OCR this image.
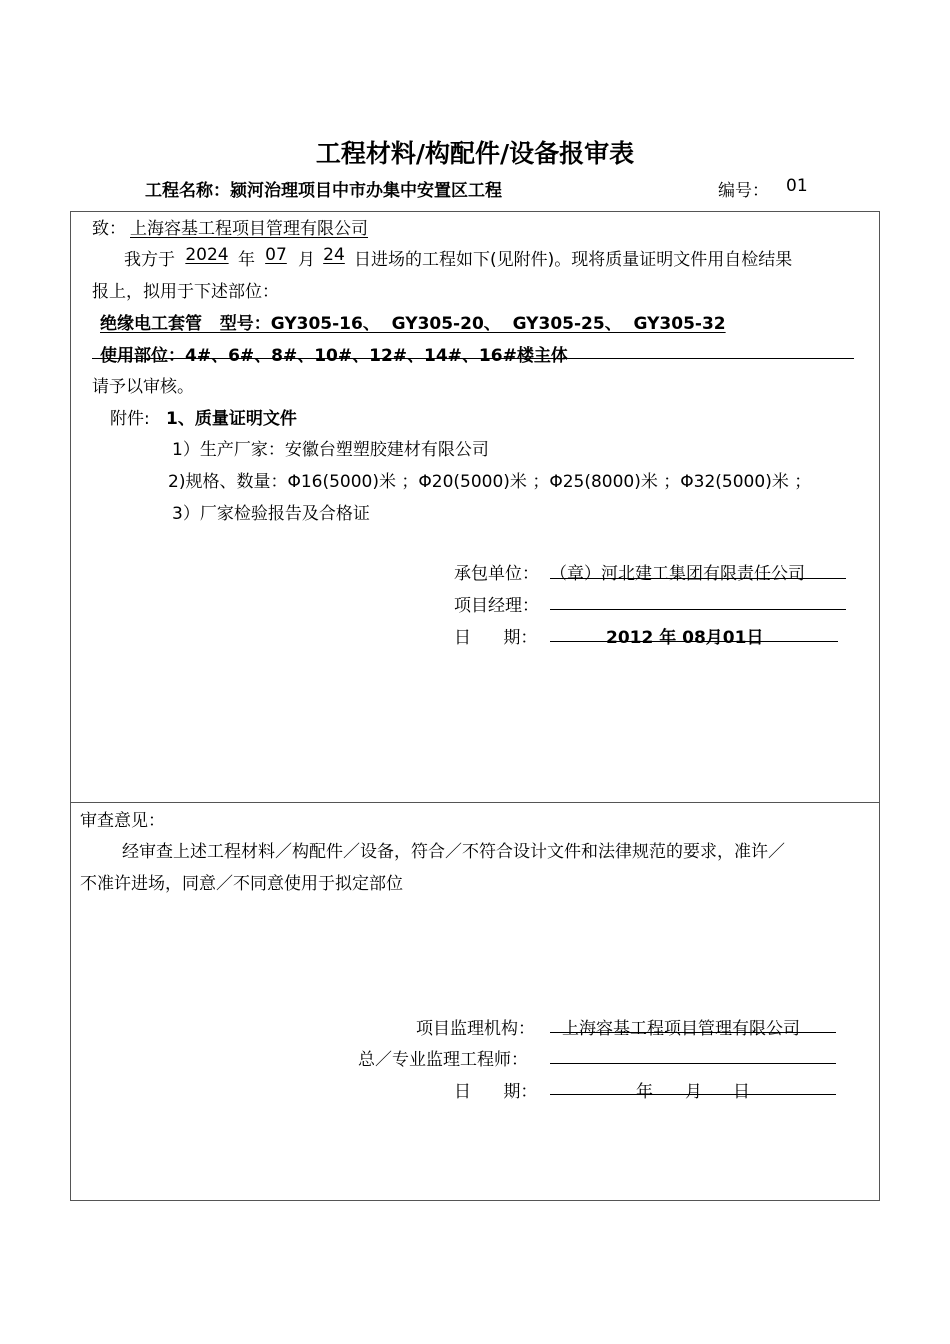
工程材料/构配件/设备报审表
工程名称：颍河治理项目中市办集中安置区工程	编号： 01
致： 上海容基工程项目管理有限公司
我方于 2024 年 07 月 24 日进场的工程如下(见附件)。现将质量证明文件用自检结果
报上，拟用于下述部位：
绝缘电工套管   型号：GY305-16、  GY305-20、  GY305-25、  GY305-32
使用部位：4#、6#、8#、10#、12#、14#、16#楼主体
请予以审核。
附件: 1、质量证明文件
1）生产厂家：安徽台塑塑胶建材有限公司
2)规格、数量：Φ16(5000)米 ；Φ20(5000)米 ；Φ25(8000)米 ；Φ32(5000)米 ；
3）厂家检验报告及合格证
承包单位： （章）河北建工集团有限责任公司
项目经理：
日      期：	2012 年 08月01日
审查意见：
经审查上述工程材料／构配件／设备，符合／不符合设计文件和法律规范的要求，准许／
不准许进场，同意／不同意使用于拟定部位
项目监理机构： 上海容基工程项目管理有限公司
总／专业监理工程师：
日      期：	年 月 日
